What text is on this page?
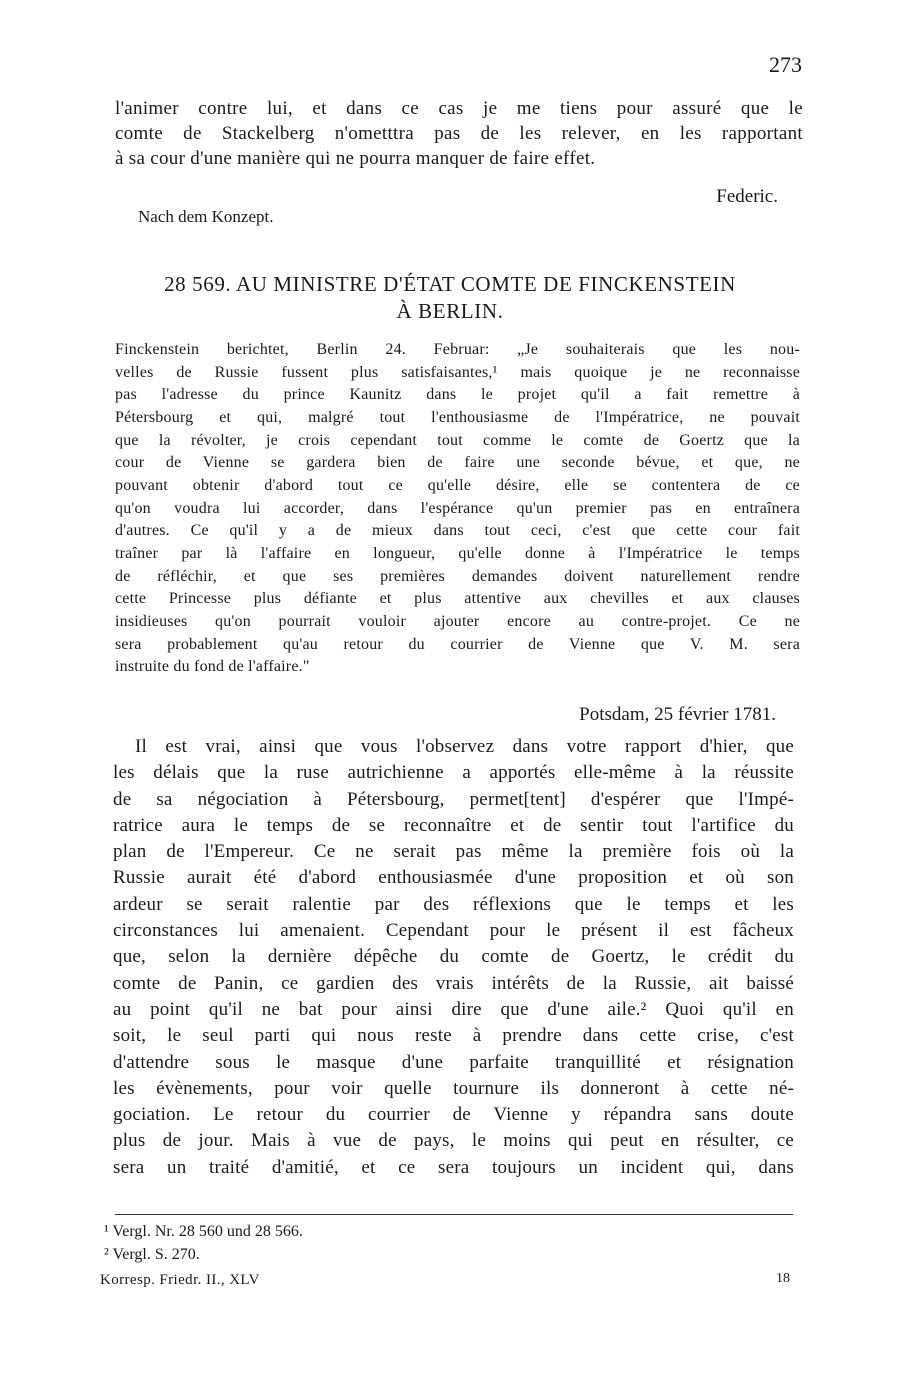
273
l'animer contre lui, et dans ce cas je me tiens pour assuré que le
comte de Stackelberg n'ometttra pas de les relever, en les rapportant
à sa cour d'une manière qui ne pourra manquer de faire effet.
Federic.
Nach dem Konzept.
28 569. AU MINISTRE D'ÉTAT COMTE DE FINCKENSTEIN
À BERLIN.
Finckenstein berichtet, Berlin 24. Februar: „Je souhaiterais que les nou-
velles de Russie fussent plus satisfaisantes,¹ mais quoique je ne reconnaisse
pas l'adresse du prince Kaunitz dans le projet qu'il a fait remettre à
Pétersbourg et qui, malgré tout l'enthousiasme de l'Impératrice, ne pouvait
que la révolter, je crois cependant tout comme le comte de Goertz que la
cour de Vienne se gardera bien de faire une seconde bévue, et que, ne
pouvant obtenir d'abord tout ce qu'elle désire, elle se contentera de ce
qu'on voudra lui accorder, dans l'espérance qu'un premier pas en entraînera
d'autres. Ce qu'il y a de mieux dans tout ceci, c'est que cette cour fait
traîner par là l'affaire en longueur, qu'elle donne à l'Impératrice le temps
de réfléchir, et que ses premières demandes doivent naturellement rendre
cette Princesse plus défiante et plus attentive aux chevilles et aux clauses
insidieuses qu'on pourrait vouloir ajouter encore au contre-projet. Ce ne
sera probablement qu'au retour du courrier de Vienne que V. M. sera
instruite du fond de l'affaire."
Potsdam, 25 février 1781.
Il est vrai, ainsi que vous l'observez dans votre rapport d'hier, que
les délais que la ruse autrichienne a apportés elle-même à la réussite
de sa négociation à Pétersbourg, permet[tent] d'espérer que l'Impé-
ratrice aura le temps de se reconnaître et de sentir tout l'artifice du
plan de l'Empereur. Ce ne serait pas même la première fois où la
Russie aurait été d'abord enthousiasmée d'une proposition et où son
ardeur se serait ralentie par des réflexions que le temps et les
circonstances lui amenaient. Cependant pour le présent il est fâcheux
que, selon la dernière dépêche du comte de Goertz, le crédit du
comte de Panin, ce gardien des vrais intérêts de la Russie, ait baissé
au point qu'il ne bat pour ainsi dire que d'une aile.² Quoi qu'il en
soit, le seul parti qui nous reste à prendre dans cette crise, c'est
d'attendre sous le masque d'une parfaite tranquillité et résignation
les évènements, pour voir quelle tournure ils donneront à cette né-
gociation. Le retour du courrier de Vienne y répandra sans doute
plus de jour. Mais à vue de pays, le moins qui peut en résulter, ce
sera un traité d'amitié, et ce sera toujours un incident qui, dans
¹ Vergl. Nr. 28 560 und 28 566.
² Vergl. S. 270.
Korresp. Friedr. II., XLV	18
